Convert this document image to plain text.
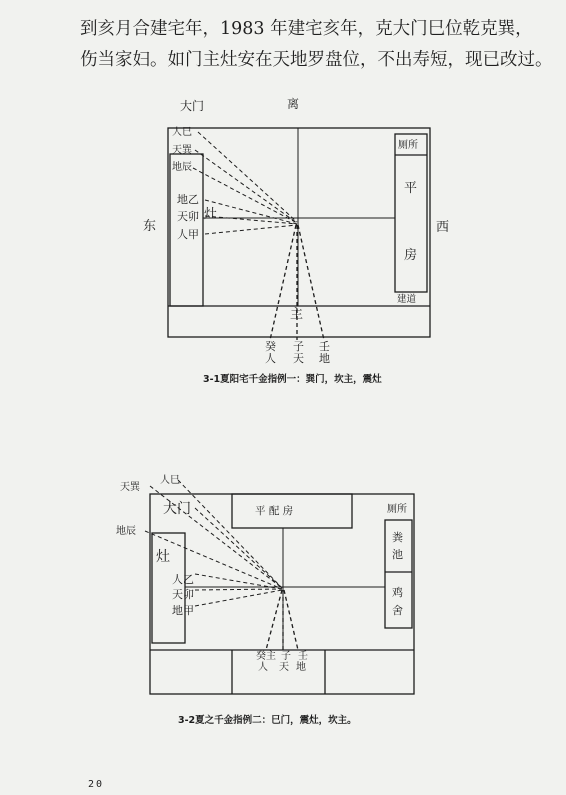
到亥月合建宅年，1983 年建宅亥年，克大门巳位乾克巽，
伤当家妇。如门主灶安在天地罗盘位，不出寿短，现已改过。

大门	离
东	西
人巳
天巽
地辰
地乙
灶
天卯
人甲
厕所
平
房
建道
主
癸 子 壬
人 天 地
天巽
人巳
大门
地辰
灶
人乙
天卯
地甲
平 配 房	厕所
粪
池
鸡
舍
癸主 子 壬
人 天 地
3-1夏阳宅千金指例一：巽门，坎主，震灶
3-2夏之千金指例二：巳门，震灶，坎主。
20
